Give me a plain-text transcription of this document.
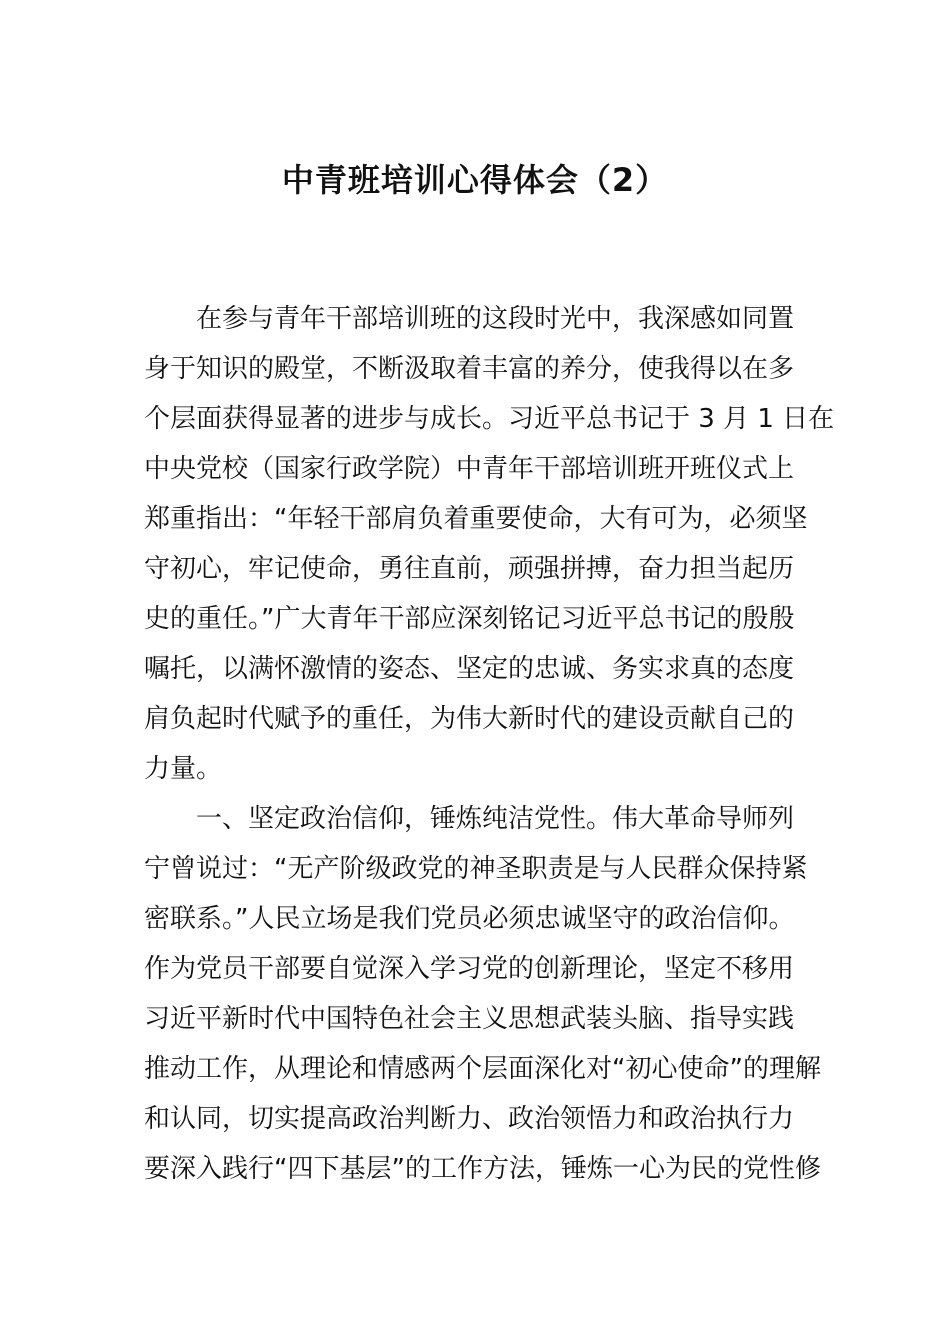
中青班培训心得体会（2）
在参与青年干部培训班的这段时光中，我深感如同置
身于知识的殿堂，不断汲取着丰富的养分，使我得以在多
个层面获得显著的进步与成长。习近平总书记于 3 月 1 日在
中央党校（国家行政学院）中青年干部培训班开班仪式上
郑重指出：“年轻干部肩负着重要使命，大有可为，必须坚
守初心，牢记使命，勇往直前，顽强拼搏，奋力担当起历
史的重任。”广大青年干部应深刻铭记习近平总书记的殷殷
嘱托，以满怀激情的姿态、坚定的忠诚、务实求真的态度
肩负起时代赋予的重任，为伟大新时代的建设贡献自己的
力量。
一、坚定政治信仰，锤炼纯洁党性。伟大革命导师列
宁曾说过：“无产阶级政党的神圣职责是与人民群众保持紧
密联系。”人民立场是我们党员必须忠诚坚守的政治信仰。
作为党员干部要自觉深入学习党的创新理论，坚定不移用
习近平新时代中国特色社会主义思想武装头脑、指导实践
推动工作，从理论和情感两个层面深化对“初心使命”的理解
和认同，切实提高政治判断力、政治领悟力和政治执行力
要深入践行“四下基层”的工作方法，锤炼一心为民的党性修
